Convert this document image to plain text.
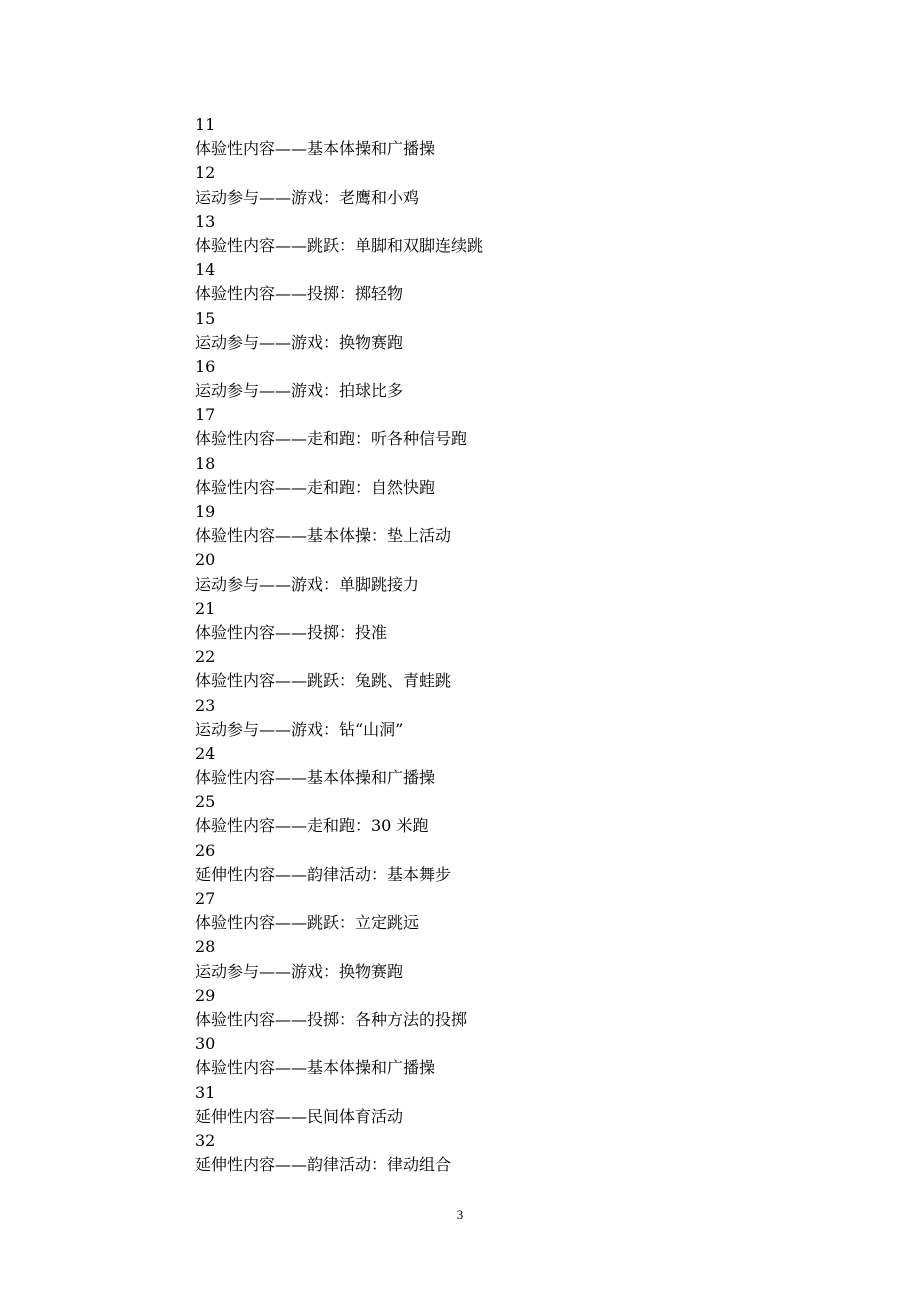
11
体验性内容——基本体操和广播操
12
运动参与——游戏：老鹰和小鸡
13
体验性内容——跳跃：单脚和双脚连续跳
14
体验性内容——投掷：掷轻物
15
运动参与——游戏：换物赛跑
16
运动参与——游戏：拍球比多
17
体验性内容——走和跑：听各种信号跑
18
体验性内容——走和跑：自然快跑
19
体验性内容——基本体操：垫上活动
20
运动参与——游戏：单脚跳接力
21
体验性内容——投掷：投准
22
体验性内容——跳跃：兔跳、青蛙跳
23
运动参与——游戏：钻“山洞”
24
体验性内容——基本体操和广播操
25
体验性内容——走和跑：30 米跑
26
延伸性内容——韵律活动：基本舞步
27
体验性内容——跳跃：立定跳远
28
运动参与——游戏：换物赛跑
29
体验性内容——投掷：各种方法的投掷
30
体验性内容——基本体操和广播操
31
延伸性内容——民间体育活动
32
延伸性内容——韵律活动：律动组合
3
